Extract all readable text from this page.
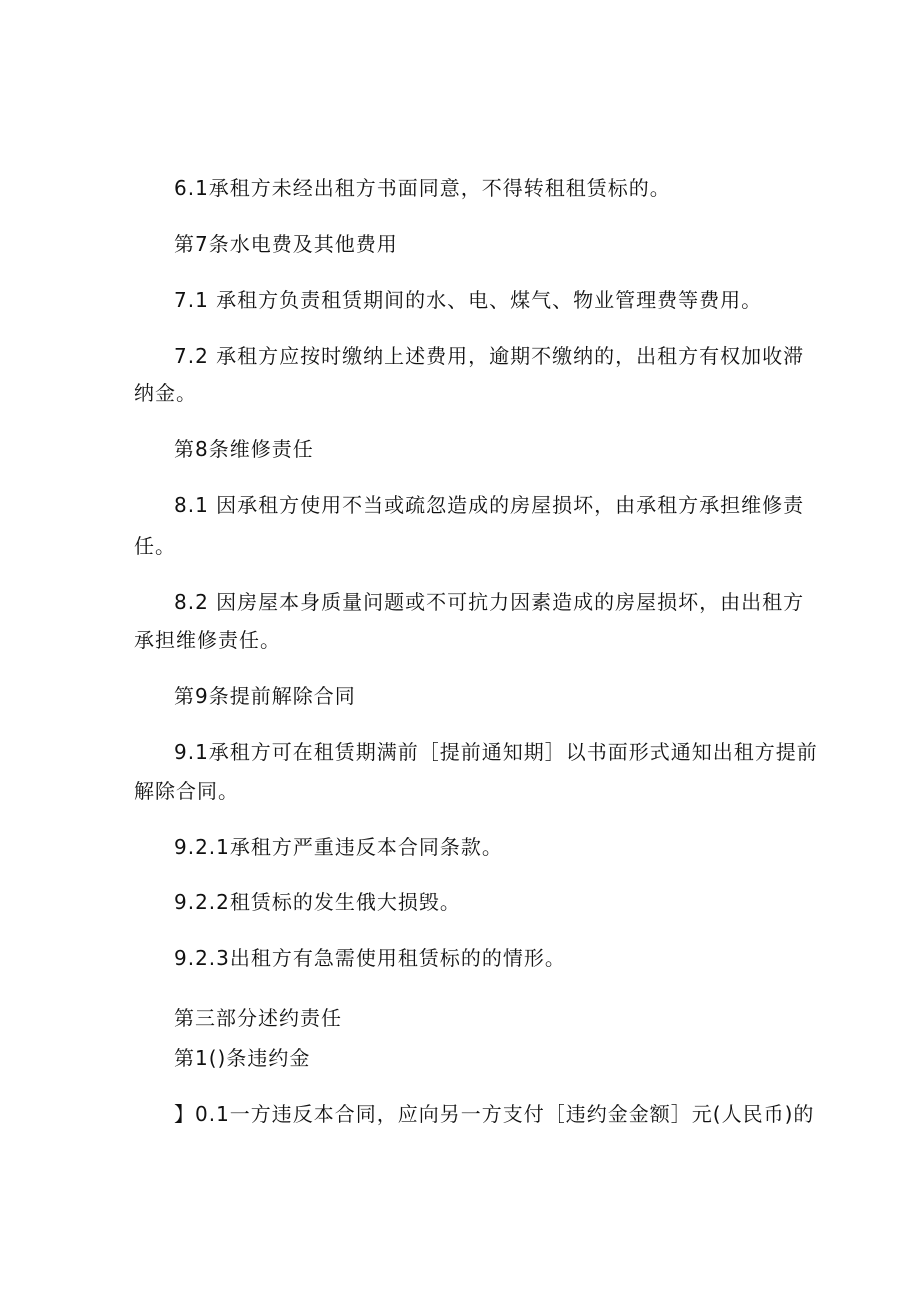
6.1承租方未经出租方书面同意，不得转租租赁标的。

第7条水电费及其他费用

7.1 承租方负责租赁期间的水、电、煤气、物业管理费等费用。

7.2 承租方应按时缴纳上述费用，逾期不缴纳的，出租方有权加收滞

纳金。

第8条维修责任

8.1 因承租方使用不当或疏忽造成的房屋损坏，由承租方承担维修责

任。

8.2 因房屋本身质量问题或不可抗力因素造成的房屋损坏，由出租方

承担维修责任。

第9条提前解除合同

9.1承租方可在租赁期满前［提前通知期］以书面形式通知出租方提前

解除合同。

9.2.1承租方严重违反本合同条款。

9.2.2租赁标的发生俄大损毁。

9.2.3出租方有急需使用租赁标的的情形。

第三部分述约责任

第1()条违约金

】0.1一方违反本合同，应向另一方支付［违约金金额］元(人民币)的
